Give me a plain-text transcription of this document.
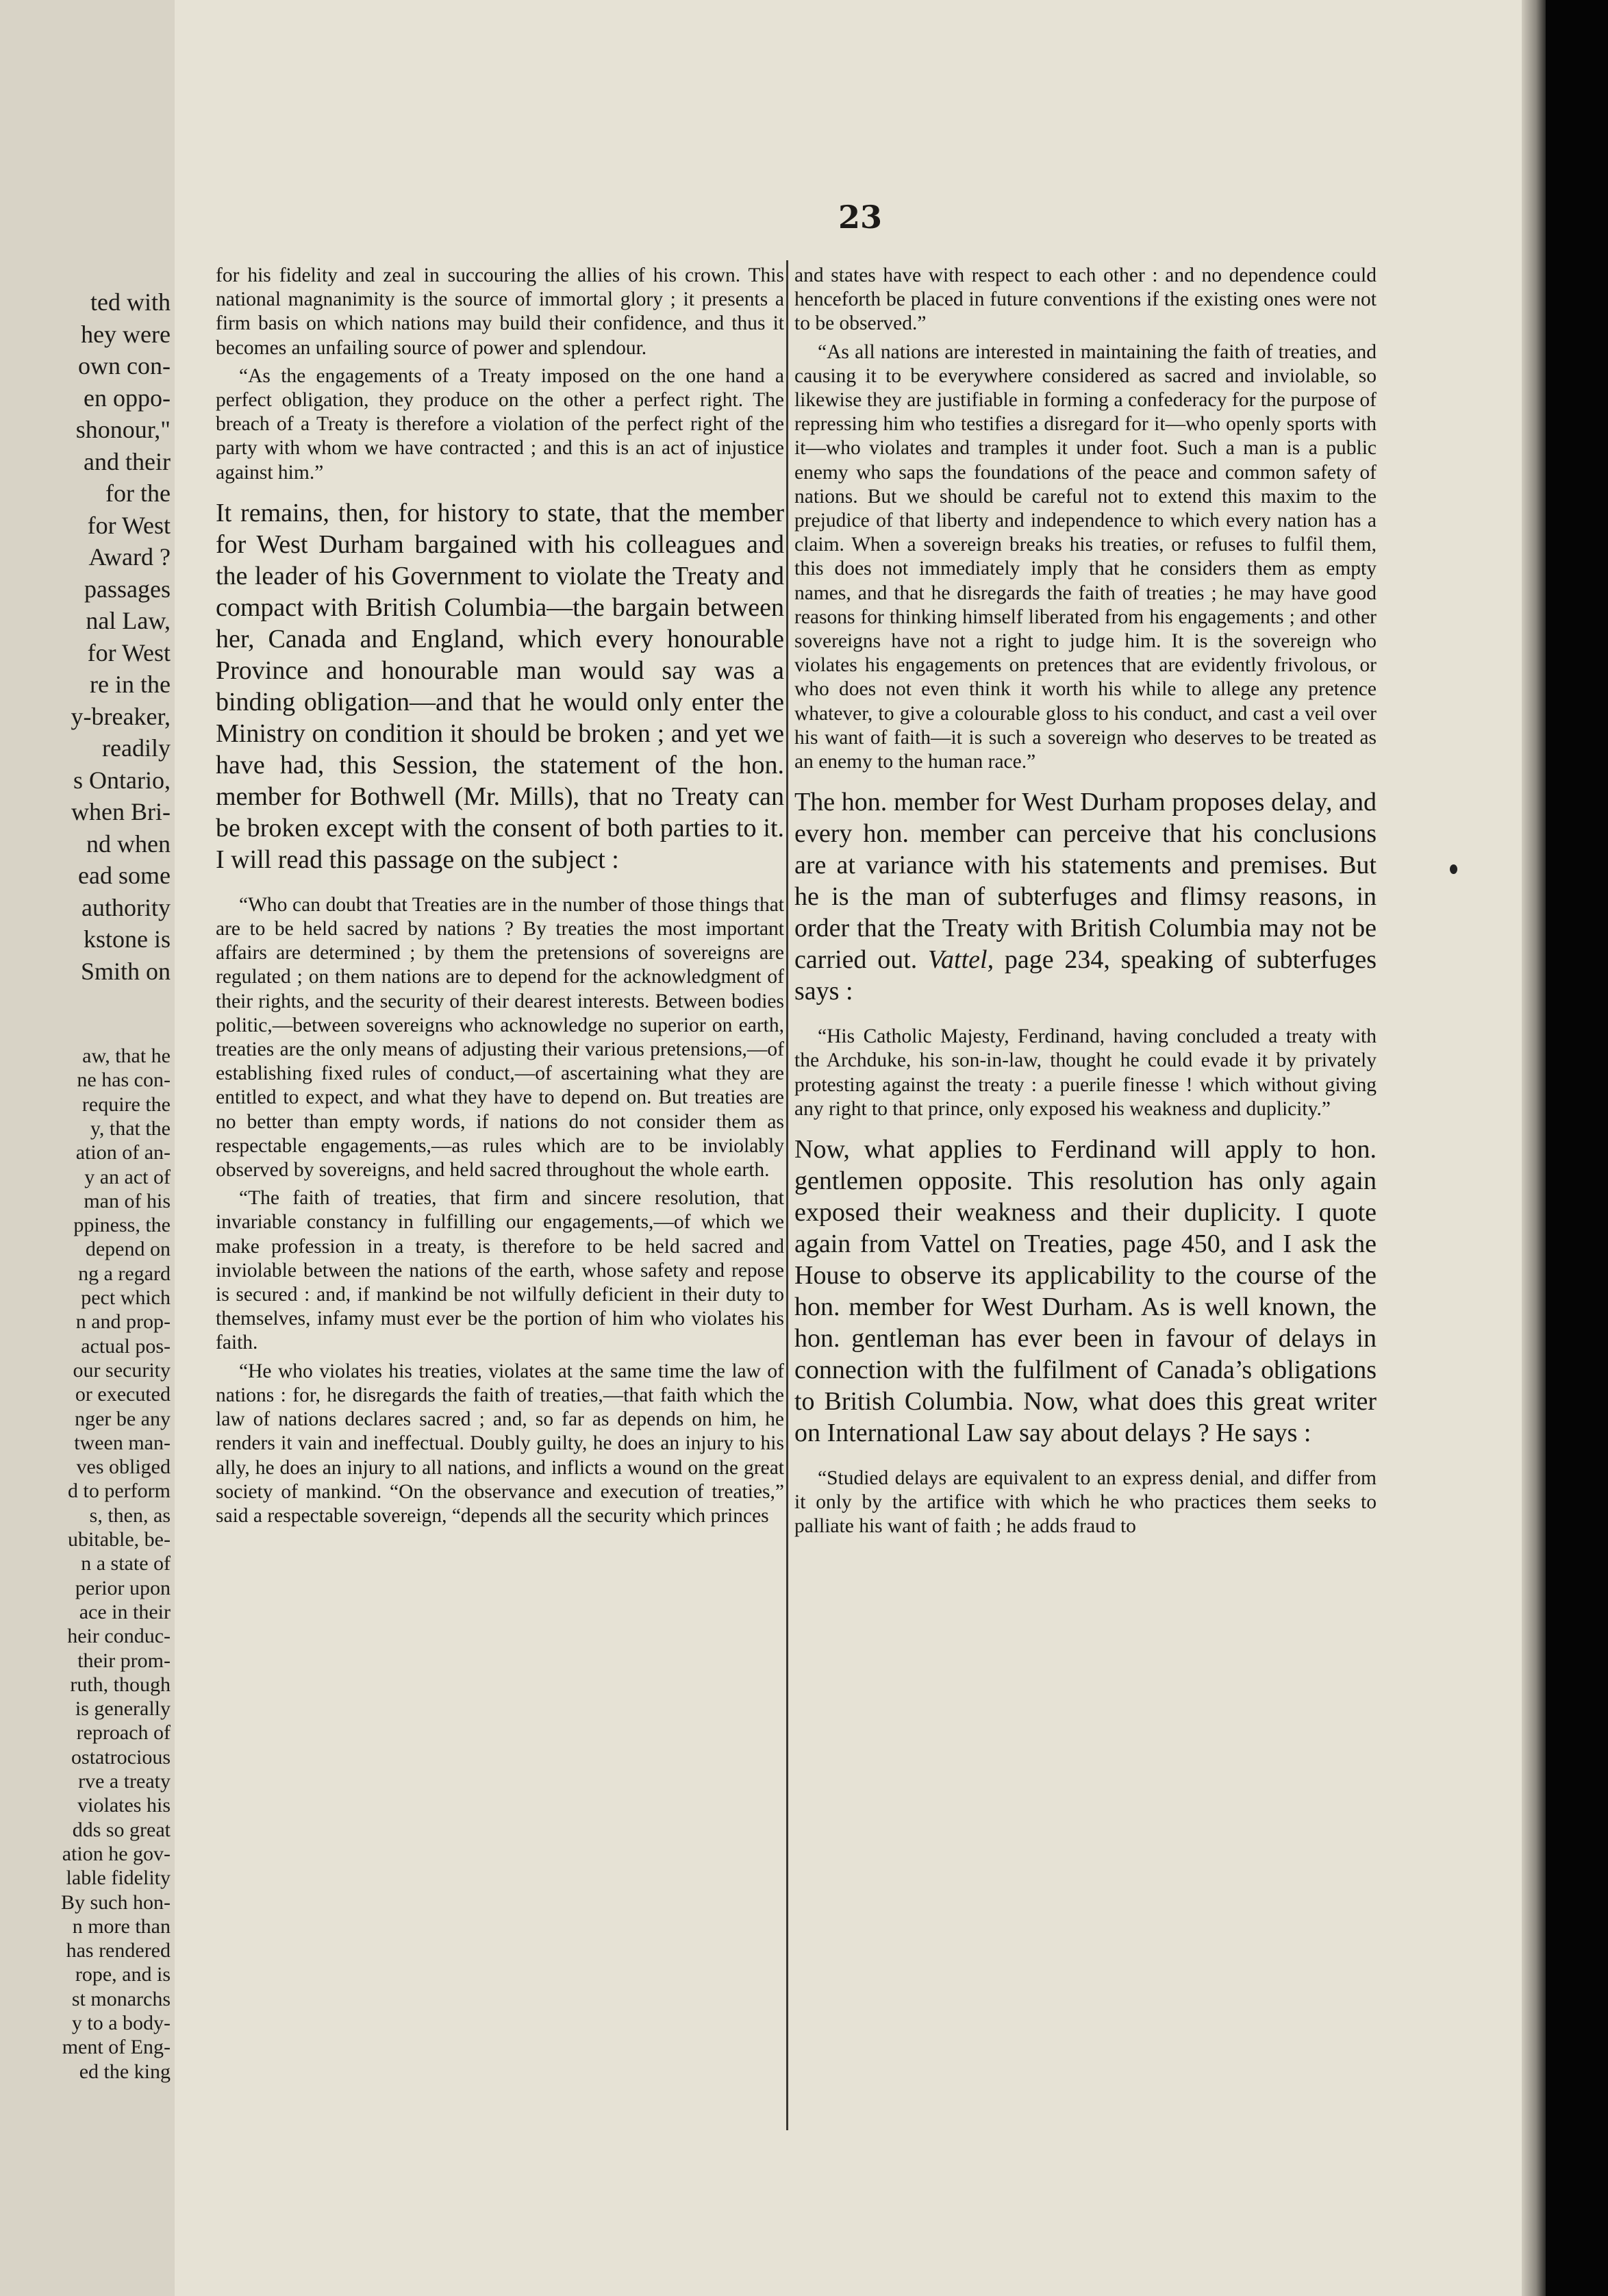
ted with
hey were
own con-
en oppo-
shonour,"
and their
for the
for West
Award ?
passages
nal Law,
for West
re in the
y-breaker,
readily
s Ontario,
when Bri-
nd when
ead some
authority
kstone is
Smith on
aw, that he
ne has con-
require the
y, that the
ation of an-
y an act of
man of his
ppiness, the
depend on
ng a regard
pect which
n and prop-
actual pos-
our security
or executed
nger be any
tween man-
ves obliged
d to perform
s, then, as
ubitable, be-
n a state of
perior upon
ace in their
heir conduc-
their prom-
ruth, though
is generally
reproach of
ostatrocious
rve a treaty
violates his
dds so great
ation he gov-
lable fidelity
By such hon-
n more than
has rendered
rope, and is
st monarchs
y to a body-
ment of Eng-
ed the king
23

for his fidelity and zeal in succouring the allies of his crown. This national magnanimity is the source of immortal glory ; it presents a firm basis on which nations may build their confidence, and thus it becomes an unfailing source of power and splendour.

“As the engagements of a Treaty imposed on the one hand a perfect obligation, they produce on the other a perfect right. The breach of a Treaty is therefore a violation of the perfect right of the party with whom we have contracted ; and this is an act of injustice against him.”

It remains, then, for history to state, that the member for West Durham bargained with his colleagues and the leader of his Government to violate the Treaty and compact with British Columbia—the bargain between her, Canada and England, which every honourable Province and honourable man would say was a binding obligation—and that he would only enter the Ministry on condition it should be broken ; and yet we have had, this Session, the statement of the hon. member for Bothwell (Mr. Mills), that no Treaty can be broken except with the consent of both parties to it. I will read this passage on the subject :

“Who can doubt that Treaties are in the number of those things that are to be held sacred by nations ? By treaties the most important affairs are determined ; by them the pretensions of sovereigns are regulated ; on them nations are to depend for the acknowledgment of their rights, and the security of their dearest interests. Between bodies politic,—between sovereigns who acknowledge no superior on earth, treaties are the only means of adjusting their various pretensions,—of establishing fixed rules of conduct,—of ascertaining what they are entitled to expect, and what they have to depend on. But treaties are no better than empty words, if nations do not consider them as respectable engagements,—as rules which are to be inviolably observed by sovereigns, and held sacred throughout the whole earth.

“The faith of treaties, that firm and sincere resolution, that invariable constancy in fulfilling our engagements,—of which we make profession in a treaty, is therefore to be held sacred and inviolable between the nations of the earth, whose safety and repose is secured : and, if mankind be not wilfully deficient in their duty to themselves, infamy must ever be the portion of him who violates his faith.

“He who violates his treaties, violates at the same time the law of nations : for, he disregards the faith of treaties,—that faith which the law of nations declares sacred ; and, so far as depends on him, he renders it vain and ineffectual. Doubly guilty, he does an injury to his ally, he does an injury to all nations, and inflicts a wound on the great society of mankind. “On the observance and execution of treaties,” said a respectable sovereign, “depends all the security which princes

and states have with respect to each other : and no dependence could henceforth be placed in future conventions if the existing ones were not to be observed.”

“As all nations are interested in maintaining the faith of treaties, and causing it to be everywhere considered as sacred and inviolable, so likewise they are justifiable in forming a confederacy for the purpose of repressing him who testifies a disregard for it—who openly sports with it—who violates and tramples it under foot. Such a man is a public enemy who saps the foundations of the peace and common safety of nations. But we should be careful not to extend this maxim to the prejudice of that liberty and independence to which every nation has a claim. When a sovereign breaks his treaties, or refuses to fulfil them, this does not immediately imply that he considers them as empty names, and that he disregards the faith of treaties ; he may have good reasons for thinking himself liberated from his engagements ; and other sovereigns have not a right to judge him. It is the sovereign who violates his engagements on pretences that are evidently frivolous, or who does not even think it worth his while to allege any pretence whatever, to give a colourable gloss to his conduct, and cast a veil over his want of faith—it is such a sovereign who deserves to be treated as an enemy to the human race.”

The hon. member for West Durham proposes delay, and every hon. member can perceive that his conclusions are at variance with his statements and premises. But he is the man of subterfuges and flimsy reasons, in order that the Treaty with British Columbia may not be carried out. Vattel, page 234, speaking of subterfuges says :

“His Catholic Majesty, Ferdinand, having concluded a treaty with the Archduke, his son-in-law, thought he could evade it by privately protesting against the treaty : a puerile finesse ! which without giving any right to that prince, only exposed his weakness and duplicity.”

Now, what applies to Ferdinand will apply to hon. gentlemen opposite. This resolution has only again exposed their weakness and their duplicity. I quote again from Vattel on Treaties, page 450, and I ask the House to observe its applicability to the course of the hon. member for West Durham. As is well known, the hon. gentleman has ever been in favour of delays in connection with the fulfilment of Canada’s obligations to British Columbia. Now, what does this great writer on International Law say about delays ? He says :

“Studied delays are equivalent to an express denial, and differ from it only by the artifice with which he who practices them seeks to palliate his want of faith ; he adds fraud to
